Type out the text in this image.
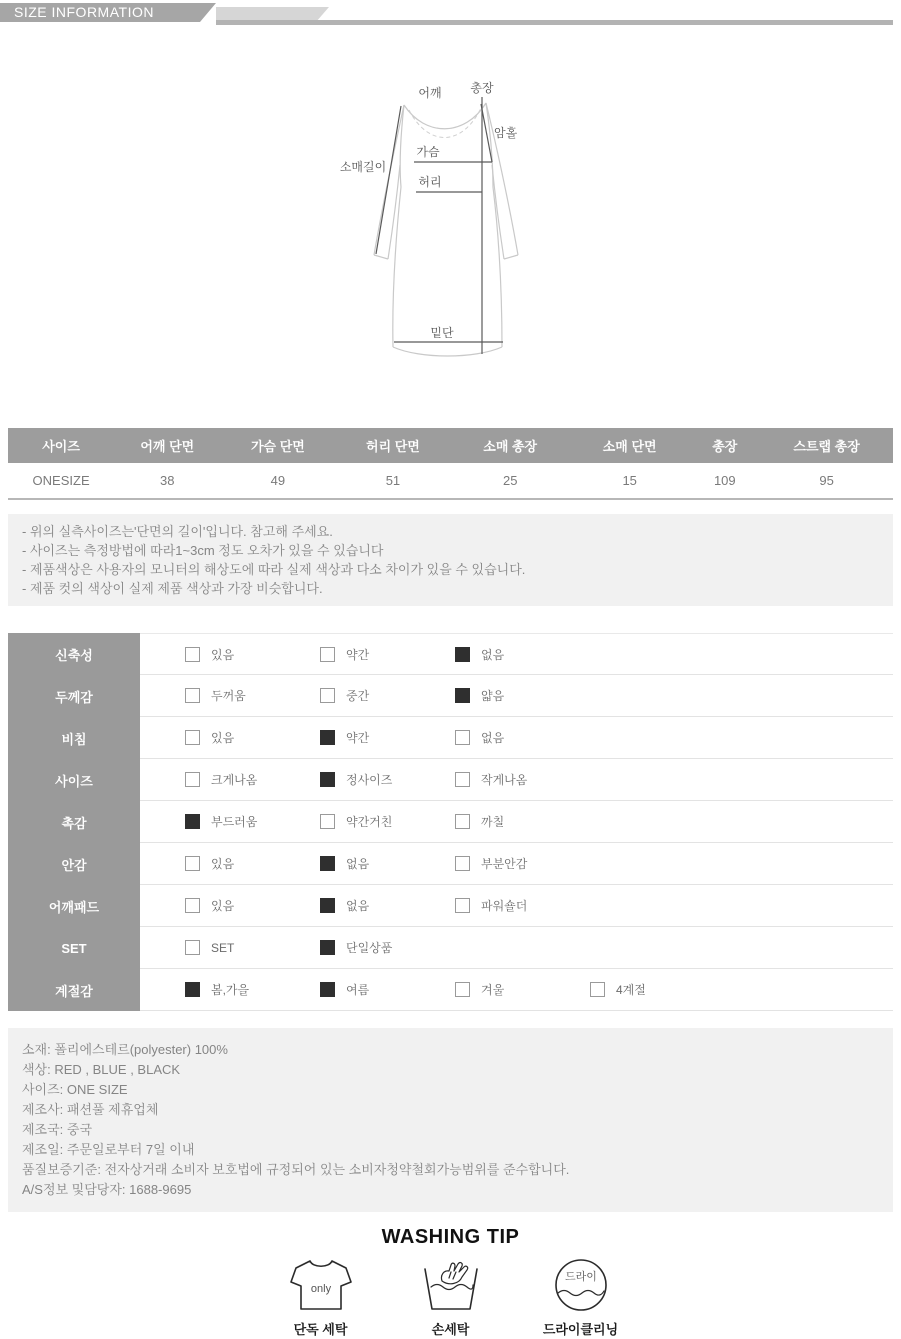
SIZE INFORMATION
어깨 총장
암홀
소매길이
가슴
허리
밑단
사이즈	어깨 단면	가슴 단면	허리 단면	소매 총장	소매 단면	총장	스트랩 총장
ONESIZE	38	49	51	25	15	109	95
- 위의 실측사이즈는'단면의 길이'입니다. 참고해 주세요.
- 사이즈는 측정방법에 따라1~3cm 정도 오차가 있을 수 있습니다
- 제품색상은 사용자의 모니터의 해상도에 따라 실제 색상과 다소 차이가 있을 수 있습니다.
- 제품 컷의 색상이 실제 제품 색상과 가장 비슷합니다.
신축성	있음	약간	없음
두께감	두꺼움	중간	얇음
비침	있음	약간	없음
사이즈	크게나옴	정사이즈	작게나옴
촉감	부드러움	약간거친	까칠
안감	있음	없음	부분안감
어깨패드	있음	없음	파워숄더
SET	SET	단일상품
계절감	봄,가을	여름	겨울	4계절
소재: 폴리에스테르(polyester) 100%
색상: RED , BLUE , BLACK
사이즈: ONE SIZE
제조사: 패션풀 제휴업체
제조국: 중국
제조일: 주문일로부터 7일 이내
품질보증기준: 전자상거래 소비자 보호법에 규정되어 있는 소비자청약철회가능범위를 준수합니다.
A/S정보 및담당자: 1688-9695
WASHING TIP
only
단독 세탁	손세탁
드라이
드라이클리닝
